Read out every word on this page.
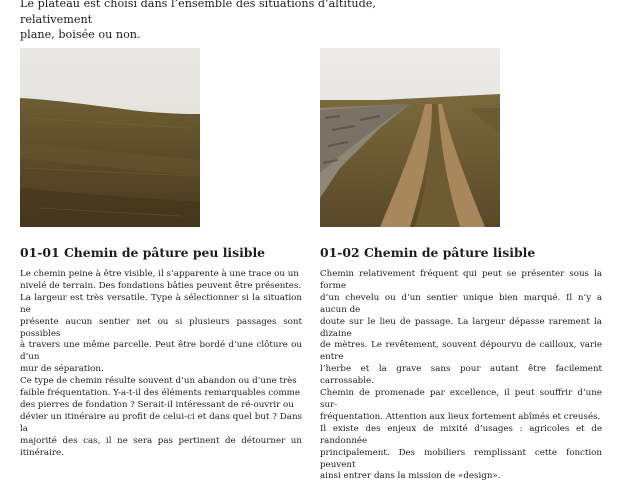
Le plateau est choisi dans l’ensemble des situations d’altitude, relativement
plane, boisée ou non.
01-01 Chemin de pâture peu lisible
Le chemin peine à être visible, il s’apparente à une trace ou un
nivelé de terrain. Des fondations bâties peuvent être présentes.
La largeur est très versatile. Type à sélectionner si la situation ne
présente aucun sentier net ou si plusieurs passages sont possibles
à travers une même parcelle. Peut être bordé d’une clôture ou d’un
mur de séparation.
Ce type de chemin résulte souvent d’un abandon ou d’une très
faible fréquentation. Y-a-t-il des éléments remarquables comme
des pierres de fondation ? Serait-il intéressant de ré-ouvrir ou
dévier un itinéraire au profit de celui-ci et dans quel but ? Dans la
majorité des cas, il ne sera pas pertinent de détourner un itinéraire.
01-02 Chemin de pâture lisible
Chemin relativement fréquent qui peut se présenter sous la forme
d’un chevelu ou d’un sentier unique bien marqué. Il n’y a aucun de
doute sur le lieu de passage. La largeur dépasse rarement la dizaine
de mètres. Le revêtement, souvent dépourvu de cailloux, varie entre
l’herbe et la grave sans pour autant être facilement carrossable.
Chemin de promenade par excellence, il peut souffrir d’une sur-
fréquentation. Attention aux lieux fortement abîmés et creusés.
Il existe des enjeux de mixité d’usages : agricoles et de randonnée
principalement. Des mobiliers remplissant cette fonction peuvent
ainsi entrer dans la mission de «design».
